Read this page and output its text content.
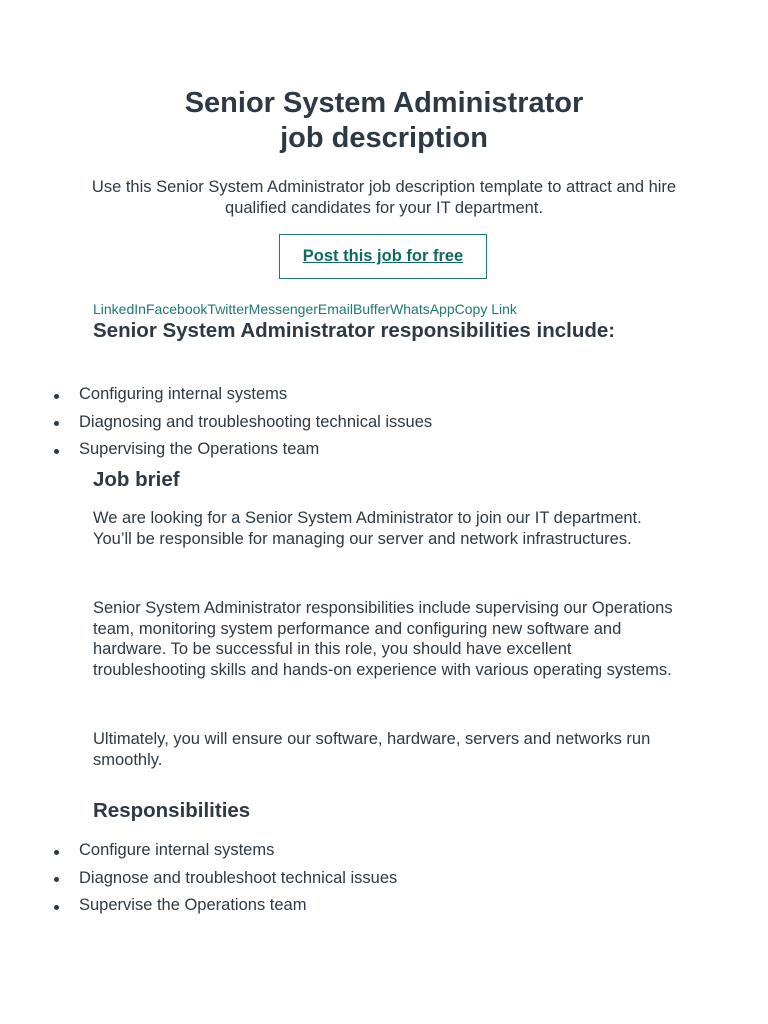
Senior System Administrator
job description

Use this Senior System Administrator job description template to attract and hire qualified candidates for your IT department.

Post this job for free
LinkedInFacebookTwitterMessengerEmailBufferWhatsAppCopy Link
Senior System Administrator responsibilities include:
Configuring internal systems
Diagnosing and troubleshooting technical issues
Supervising the Operations team
Job brief

We are looking for a Senior System Administrator to join our IT department. You’ll be responsible for managing our server and network infrastructures.

Senior System Administrator responsibilities include supervising our Operations team, monitoring system performance and configuring new software and hardware. To be successful in this role, you should have excellent troubleshooting skills and hands-on experience with various operating systems.

Ultimately, you will ensure our software, hardware, servers and networks run smoothly.

Responsibilities
Configure internal systems
Diagnose and troubleshoot technical issues
Supervise the Operations team
